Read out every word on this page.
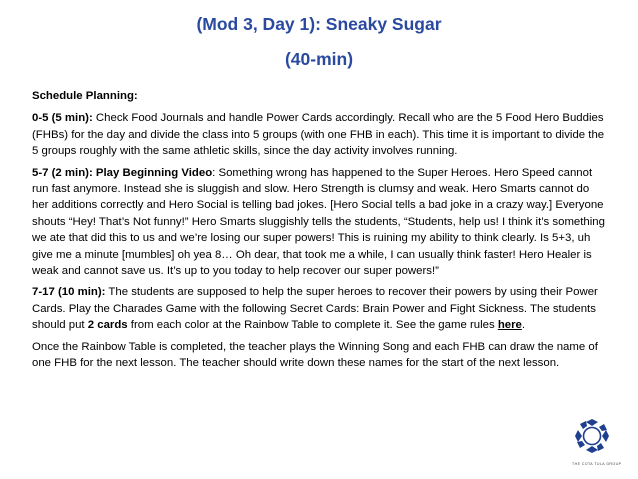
(Mod 3, Day 1): Sneaky Sugar
(40-min)

Schedule Planning:

0-5 (5 min): Check Food Journals and handle Power Cards accordingly. Recall who are the 5 Food Hero Buddies (FHBs) for the day and divide the class into 5 groups (with one FHB in each). This time it is important to divide the 5 groups roughly with the same athletic skills, since the day activity involves running.

5-7 (2 min): Play Beginning Video: Something wrong has happened to the Super Heroes. Hero Speed cannot run fast anymore. Instead she is sluggish and slow. Hero Strength is clumsy and weak. Hero Smarts cannot do her additions correctly and Hero Social is telling bad jokes. [Hero Social tells a bad joke in a crazy way.] Everyone shouts “Hey! That’s Not funny!” Hero Smarts sluggishly tells the students, “Students, help us! I think it’s something we ate that did this to us and we’re losing our super powers! This is ruining my ability to think clearly. Is 5+3, uh give me a minute [mumbles] oh yea 8… Oh dear, that took me a while, I can usually think faster! Hero Healer is weak and cannot save us. It’s up to you today to help recover our super powers!”

7-17 (10 min): The students are supposed to help the super heroes to recover their powers by using their Power Cards. Play the Charades Game with the following Secret Cards: Brain Power and Fight Sickness. The students should put 2 cards from each color at the Rainbow Table to complete it. See the game rules here.

Once the Rainbow Table is completed, the teacher plays the Winning Song and each FHB can draw the name of one FHB for the next lesson. The teacher should write down these names for the start of the next lesson.

THE COTA TULA GROUP
